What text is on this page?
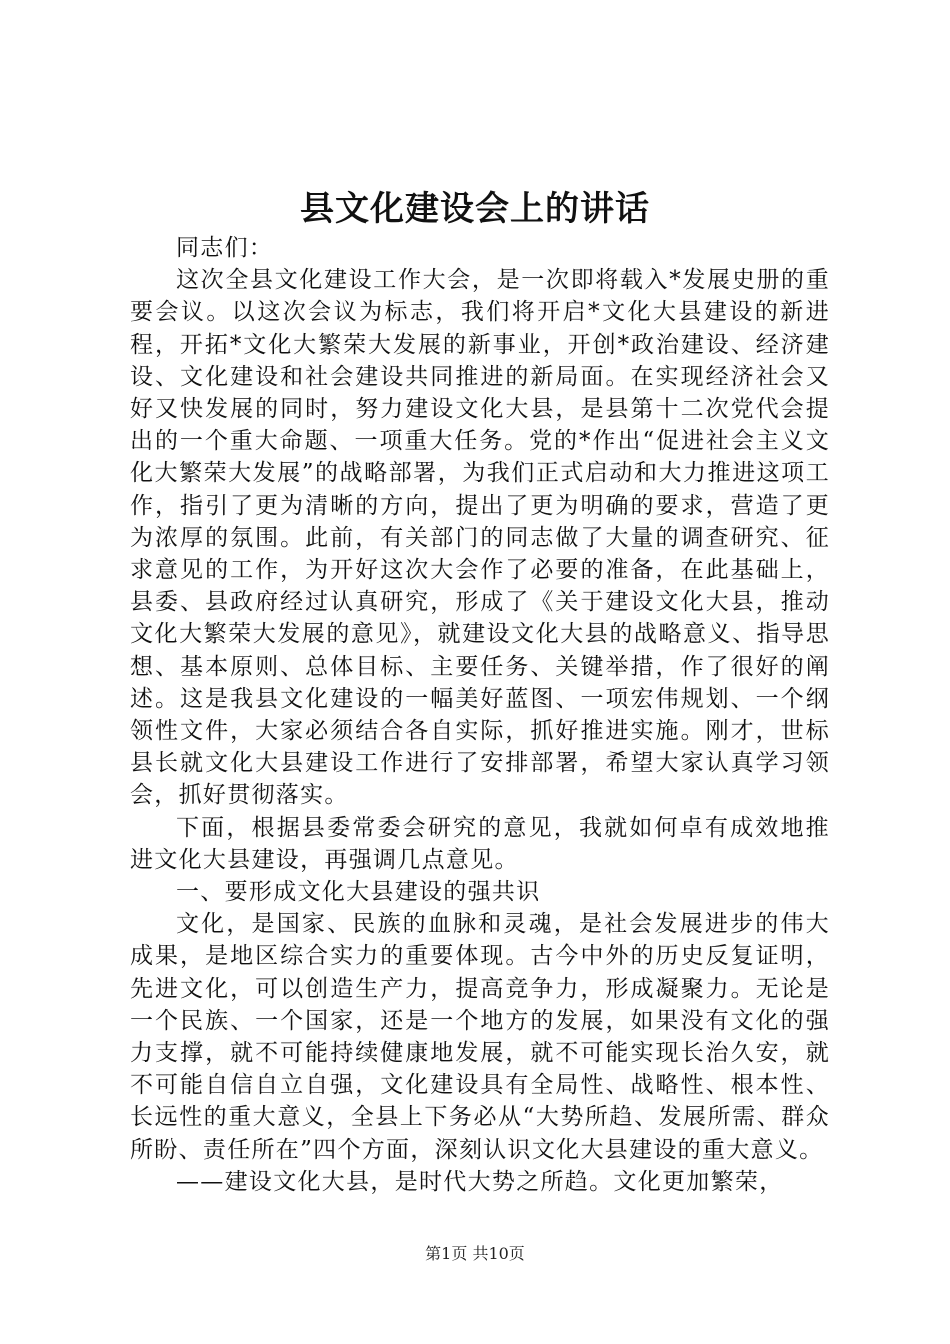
县文化建设会上的讲话

同志们：

这次全县文化建设工作大会，是一次即将载入*发展史册的重要会议。以这次会议为标志，我们将开启*文化大县建设的新进程，开拓*文化大繁荣大发展的新事业，开创*政治建设、经济建设、文化建设和社会建设共同推进的新局面。在实现经济社会又好又快发展的同时，努力建设文化大县，是县第十二次党代会提出的一个重大命题、一项重大任务。党的*作出“促进社会主义文化大繁荣大发展”的战略部署，为我们正式启动和大力推进这项工作，指引了更为清晰的方向，提出了更为明确的要求，营造了更为浓厚的氛围。此前，有关部门的同志做了大量的调查研究、征求意见的工作，为开好这次大会作了必要的准备，在此基础上，县委、县政府经过认真研究，形成了《关于建设文化大县，推动文化大繁荣大发展的意见》，就建设文化大县的战略意义、指导思想、基本原则、总体目标、主要任务、关键举措，作了很好的阐述。这是我县文化建设的一幅美好蓝图、一项宏伟规划、一个纲领性文件，大家必须结合各自实际，抓好推进实施。刚才，世标县长就文化大县建设工作进行了安排部署，希望大家认真学习领会，抓好贯彻落实。

下面，根据县委常委会研究的意见，我就如何卓有成效地推进文化大县建设，再强调几点意见。

一、要形成文化大县建设的强共识

文化，是国家、民族的血脉和灵魂，是社会发展进步的伟大成果，是地区综合实力的重要体现。古今中外的历史反复证明，先进文化，可以创造生产力，提高竞争力，形成凝聚力。无论是一个民族、一个国家，还是一个地方的发展，如果没有文化的强力支撑，就不可能持续健康地发展，就不可能实现长治久安，就不可能自信自立自强，文化建设具有全局性、战略性、根本性、长远性的重大意义，全县上下务必从“大势所趋、发展所需、群众所盼、责任所在”四个方面，深刻认识文化大县建设的重大意义。

——建设文化大县，是时代大势之所趋。文化更加繁荣，

第1页 共10页
